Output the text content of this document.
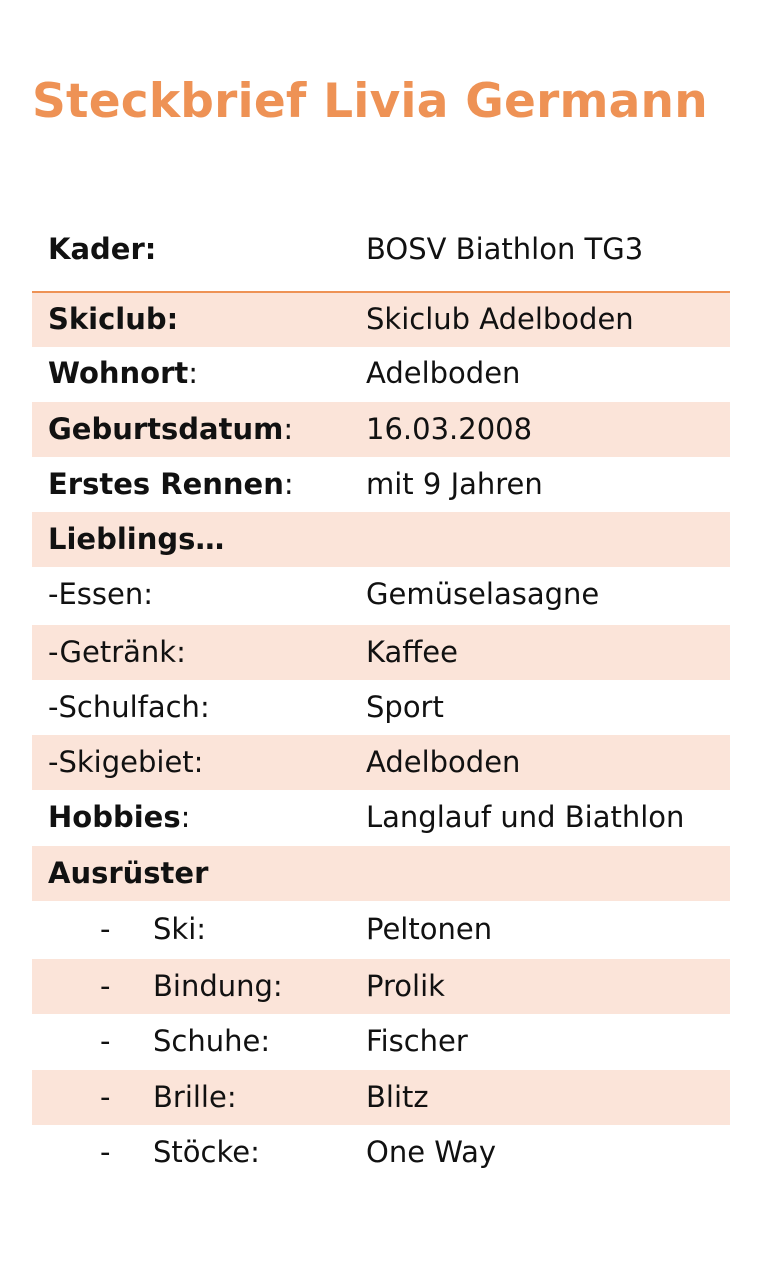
Steckbrief Livia Germann
Kader:	BOSV Biathlon TG3
Skiclub:	Skiclub Adelboden
Wohnort:	Adelboden
Geburtsdatum:	16.03.2008
Erstes Rennen: mit 9 Jahren
Lieblings…
-Essen:	Gemüselasagne
-Getränk:	Kaffee
-Schulfach:	Sport
-Skigebiet:	Adelboden
Hobbies:	Langlauf und Biathlon
Ausrüster
- Ski:	Peltonen
- Bindung:	Prolik
- Schuhe:	Fischer
- Brille:	Blitz
- Stöcke:	One Way
